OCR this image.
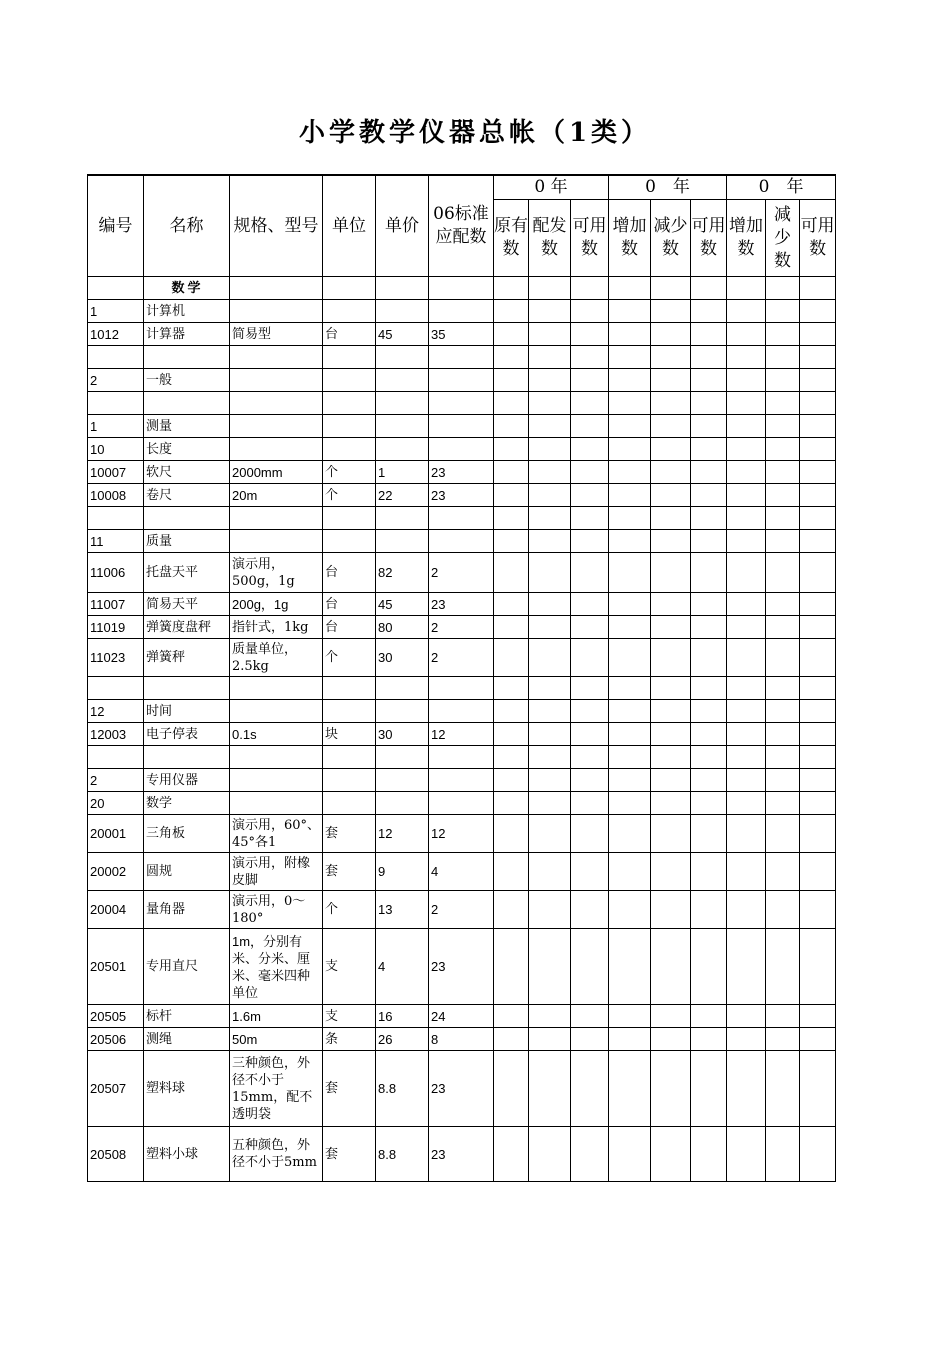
小学教学仪器总帐（1类）
编号	名称	规格、型号	单位	单价	06标准应配数	0 年			0　年			0　年		
						原有数	配发数	可用数	增加数	减少数	可用数	增加数	减少数	可用数
	数学													
1	计算机													
1012	计算器	简易型	台	45	35									

2	一般													

1	测量													
10	长度													
10007	软尺	2000mm	个	1	23									
10008	卷尺	20m	个	22	23									

11	质量													
11006	托盘天平	演示用，500g，1g	台	82	2									
11007	简易天平	200g，1g	台	45	23									
11019	弹簧度盘秤	指针式，1kg	台	80	2									
11023	弹簧秤	质量单位，2.5kg	个	30	2									

12	时间													
12003	电子停表	0.1s	块	30	12									

2	专用仪器													
20	数学													
20001	三角板	演示用，60°、45°各1	套	12	12									
20002	圆规	演示用，附橡皮脚	套	9	4									
20004	量角器	演示用，0～180°	个	13	2									
20501	专用直尺	1m，分别有米、分米、厘米、毫米四种单位	支	4	23									
20505	标杆	1.6m	支	16	24									
20506	测绳	50m	条	26	8									
20507	塑料球	三种颜色，外径不小于15mm，配不透明袋	套	8.8	23									
20508	塑料小球	五种颜色，外径不小于5mm	套	8.8	23									
